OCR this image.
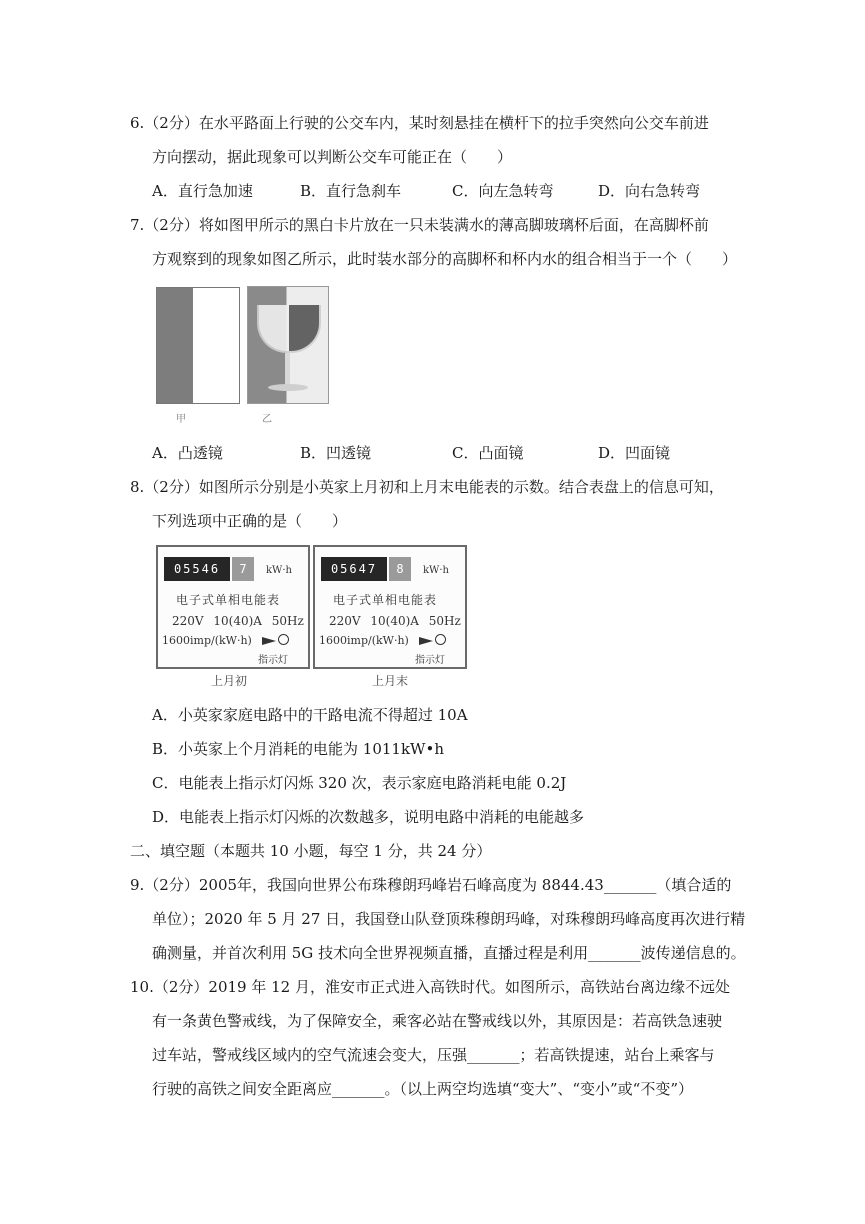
6.（2分）在水平路面上行驶的公交车内，某时刻悬挂在横杆下的拉手突然向公交车前进
方向摆动，据此现象可以判断公交车可能正在（　　）
A．直行急加速	B．直行急刹车	C．向左急转弯	D．向右急转弯
7.（2分）将如图甲所示的黑白卡片放在一只未装满水的薄高脚玻璃杯后面，在高脚杯前
方观察到的现象如图乙所示，此时装水部分的高脚杯和杯内水的组合相当于一个（　　）
甲	乙
A．凸透镜	B．凹透镜	C．凸面镜	D．凹面镜
8.（2分）如图所示分别是小英家上月初和上月末电能表的示数。结合表盘上的信息可知，
下列选项中正确的是（　　）
05546	7	kW·h
电子式单相电能表
220V 10(40)A 50Hz
1600imp/(kW·h)
指示灯
上月初
05647	8	kW·h
电子式单相电能表
220V 10(40)A 50Hz
1600imp/(kW·h)
指示灯
上月末
A．小英家家庭电路中的干路电流不得超过 10A
B．小英家上个月消耗的电能为 1011kW•h
C．电能表上指示灯闪烁 320 次，表示家庭电路消耗电能 0.2J
D．电能表上指示灯闪烁的次数越多，说明电路中消耗的电能越多
二、填空题（本题共 10 小题，每空 1 分，共 24 分）
9.（2分）2005年，我国向世界公布珠穆朗玛峰岩石峰高度为 8844.43_______（填合适的
单位）；2020 年 5 月 27 日，我国登山队登顶珠穆朗玛峰，对珠穆朗玛峰高度再次进行精
确测量，并首次利用 5G 技术向全世界视频直播，直播过程是利用_______波传递信息的。
10.（2分）2019 年 12 月，淮安市正式进入高铁时代。如图所示，高铁站台离边缘不远处
有一条黄色警戒线，为了保障安全，乘客必站在警戒线以外，其原因是：若高铁急速驶
过车站，警戒线区域内的空气流速会变大，压强_______；若高铁提速，站台上乘客与
行驶的高铁之间安全距离应_______。（以上两空均选填“变大”、“变小”或“不变”）
